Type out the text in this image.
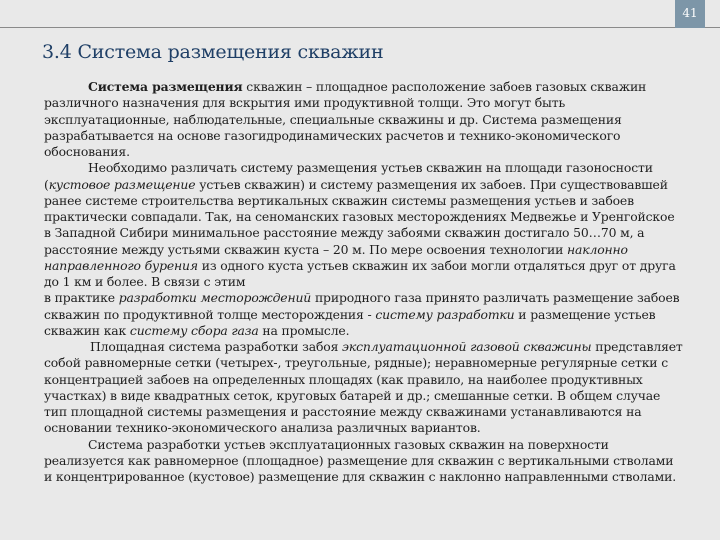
41
3.4 Система размещения скважин

Система размещения скважин – площадное расположение забоев газовых скважин различного назначения для вскрытия ими продуктивной толщи. Это могут быть эксплуатационные, наблюдательные, специальные скважины и др. Система размещения разрабатывается на основе газогидродинамических расчетов и технико-экономического обоснования.

Необходимо различать систему размещения устьев скважин на площади газоносности (кустовое размещение устьев скважин) и систему размещения их забоев. При существовавшей ранее системе строительства вертикальных скважин системы размещения устьев и забоев практически совпадали. Так, на сеноманских газовых месторождениях Медвежье и Уренгойское в Западной Сибири минимальное расстояние между забоями скважин достигало 50…70 м, а расстояние между устьями скважин куста – 20 м. По мере освоения технологии наклонно направленного бурения из одного куста устьев скважин их забои могли отдаляться друг от друга до 1 км и более. В связи с этим

в практике разработки месторождений природного газа принято различать размещение забоев скважин по продуктивной толще месторождения - систему разработки и размещение устьев скважин как систему сбора газа на промысле.

Площадная система разработки забоя эксплуатационной газовой скважины представляет собой равномерные сетки (четырех-, треугольные, рядные); неравномерные регулярные сетки с концентрацией забоев на определенных площадях (как правило, на наиболее продуктивных участках) в виде квадратных сеток, круговых батарей и др.; смешанные сетки. В общем случае тип площадной системы размещения и расстояние между скважинами устанавливаются на основании технико-экономического анализа различных вариантов.

Система разработки устьев эксплуатационных газовых скважин на поверхности реализуется как равномерное (площадное) размещение для скважин с вертикальными стволами и концентрированное (кустовое) размещение для скважин с наклонно направленными стволами.
